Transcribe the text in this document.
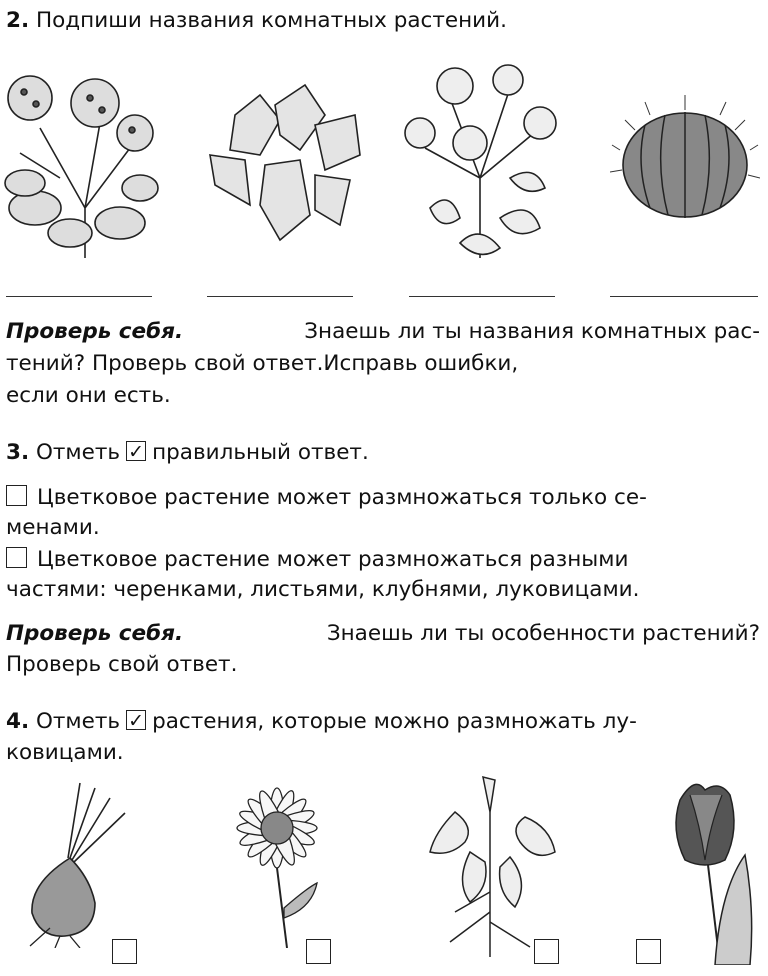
2. Подпиши названия комнатных растений.
Проверь себя.	Знаешь ли ты названия комнатных рас-
тений? Проверь свой ответ.Исправь ошибки,
если они есть.
3. Отметь ✓ правильный ответ.
Цветковое растение может размножаться только се-
менами.
Цветковое растение может размножаться разными
частями: черенками, листьями, клубнями, луковицами.
Проверь себя.	Знаешь ли ты особенности растений?
Проверь свой ответ.
4. Отметь ✓ растения, которые можно размножать лу-
ковицами.
